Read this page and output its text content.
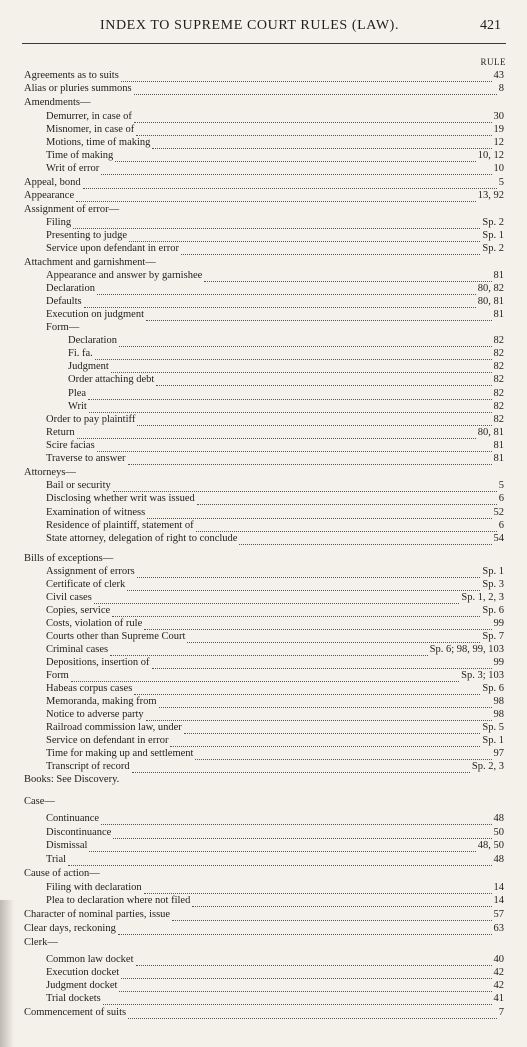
INDEX TO SUPREME COURT RULES (LAW).	421
RULE
Agreements as to suits	43
Alias or pluries summons	8
Amendments—
Demurrer, in case of	30
Misnomer, in case of	19
Motions, time of making	12
Time of making	10, 12
Writ of error	10
Appeal, bond	5
Appearance	13, 92
Assignment of error—
Filing	Sp. 2
Presenting to judge	Sp. 1
Service upon defendant in error	Sp. 2
Attachment and garnishment—
Appearance and answer by garnishee	81
Declaration	80, 82
Defaults	80, 81
Execution on judgment	81
Form—
Declaration	82
Fi. fa.	82
Judgment	82
Order attaching debt	82
Plea	82
Writ	82
Order to pay plaintiff	82
Return	80, 81
Scire facias	81
Traverse to answer	81
Attorneys—
Bail or security	5
Disclosing whether writ was issued	6
Examination of witness	52
Residence of plaintiff, statement of	6
State attorney, delegation of right to conclude	54
Bills of exceptions—
Assignment of errors	Sp. 1
Certificate of clerk	Sp. 3
Civil cases	Sp. 1, 2, 3
Copies, service	Sp. 6
Costs, violation of rule	99
Courts other than Supreme Court	Sp. 7
Criminal cases	Sp. 6; 98, 99, 103
Depositions, insertion of	99
Form	Sp. 3; 103
Habeas corpus cases	Sp. 6
Memoranda, making from	98
Notice to adverse party	98
Railroad commission law, under	Sp. 5
Service on defendant in error	Sp. 1
Time for making up and settlement	97
Transcript of record	Sp. 2, 3
Books: See Discovery.
Case—
Continuance	48
Discontinuance	50
Dismissal	48, 50
Trial	48
Cause of action—
Filing with declaration	14
Plea to declaration where not filed	14
Character of nominal parties, issue	57
Clear days, reckoning	63
Clerk—
Common law docket	40
Execution docket	42
Judgment docket	42
Trial dockets	41
Commencement of suits	7
